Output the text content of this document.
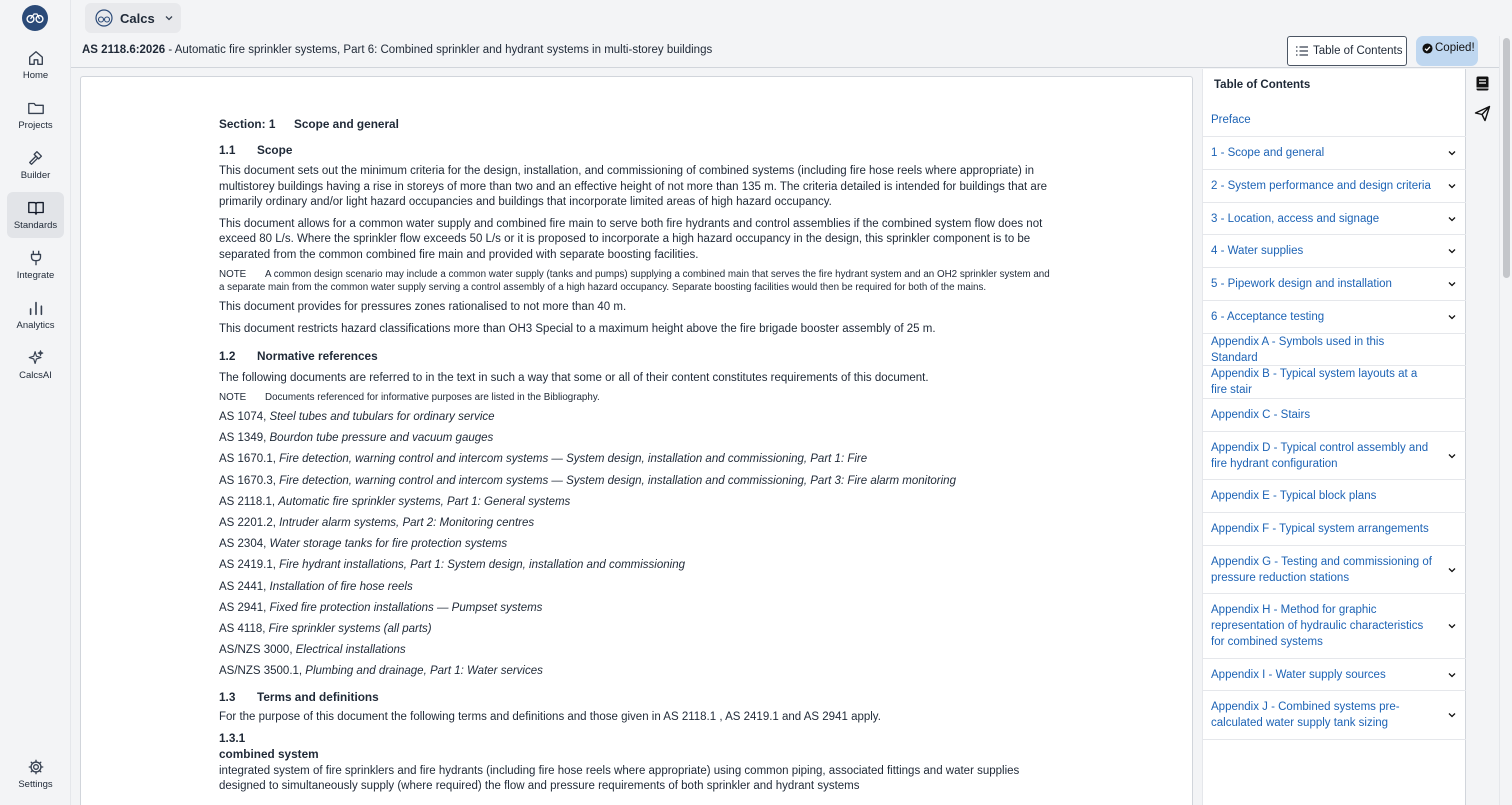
Home
Projects
Builder
Standards
Integrate
Analytics
CalcsAI
Settings
Calcs
AS 2118.6:2026 - Automatic fire sprinkler systems, Part 6: Combined sprinkler and hydrant systems in multi-storey buildings	Table of Contents	Copied!
Section: 1 Scope and general
1.1 Scope

This document sets out the minimum criteria for the design, installation, and commissioning of combined systems (including fire hose reels where appropriate) in multistorey buildings having a rise in storeys of more than two and an effective height of not more than 135 m. The criteria detailed is intended for buildings that are primarily ordinary and/or light hazard occupancies and buildings that incorporate limited areas of high hazard occupancy.

This document allows for a common water supply and combined fire main to serve both fire hydrants and control assemblies if the combined system flow does not exceed 80 L/s. Where the sprinkler flow exceeds 50 L/s or it is proposed to incorporate a high hazard occupancy in the design, this sprinkler component is to be separated from the common combined fire main and provided with separate boosting facilities.

NOTE A common design scenario may include a common water supply (tanks and pumps) supplying a combined main that serves the fire hydrant system and an OH2 sprinkler system and a separate main from the common water supply serving a control assembly of a high hazard occupancy. Separate boosting facilities would then be required for both of the mains.

This document provides for pressures zones rationalised to not more than 40 m.

This document restricts hazard classifications more than OH3 Special to a maximum height above the fire brigade booster assembly of 25 m.

1.2 Normative references

The following documents are referred to in the text in such a way that some or all of their content constitutes requirements of this document.

NOTE Documents referenced for informative purposes are listed in the Bibliography.

AS 1074, Steel tubes and tubulars for ordinary service

AS 1349, Bourdon tube pressure and vacuum gauges

AS 1670.1, Fire detection, warning control and intercom systems — System design, installation and commissioning, Part 1: Fire

AS 1670.3, Fire detection, warning control and intercom systems — System design, installation and commissioning, Part 3: Fire alarm monitoring

AS 2118.1, Automatic fire sprinkler systems, Part 1: General systems

AS 2201.2, Intruder alarm systems, Part 2: Monitoring centres

AS 2304, Water storage tanks for fire protection systems

AS 2419.1, Fire hydrant installations, Part 1: System design, installation and commissioning

AS 2441, Installation of fire hose reels

AS 2941, Fixed fire protection installations — Pumpset systems

AS 4118, Fire sprinkler systems (all parts)

AS/NZS 3000, Electrical installations

AS/NZS 3500.1, Plumbing and drainage, Part 1: Water services

1.3 Terms and definitions

For the purpose of this document the following terms and definitions and those given in AS 2118.1 , AS 2419.1 and AS 2941 apply.

1.3.1
combined system

integrated system of fire sprinklers and fire hydrants (including fire hose reels where appropriate) using common piping, associated fittings and water supplies designed to simultaneously supply (where required) the flow and pressure requirements of both sprinkler and hydrant systems

Table of Contents
Preface
1 - Scope and general
2 - System performance and design criteria
3 - Location, access and signage
4 - Water supplies
5 - Pipework design and installation
6 - Acceptance testing
Appendix A - Symbols used in this Standard
Appendix B - Typical system layouts at a fire stair
Appendix C - Stairs
Appendix D - Typical control assembly and fire hydrant configuration
Appendix E - Typical block plans
Appendix F - Typical system arrangements
Appendix G - Testing and commissioning of pressure reduction stations
Appendix H - Method for graphic representation of hydraulic characteristics for combined systems
Appendix I - Water supply sources
Appendix J - Combined systems pre-calculated water supply tank sizing
